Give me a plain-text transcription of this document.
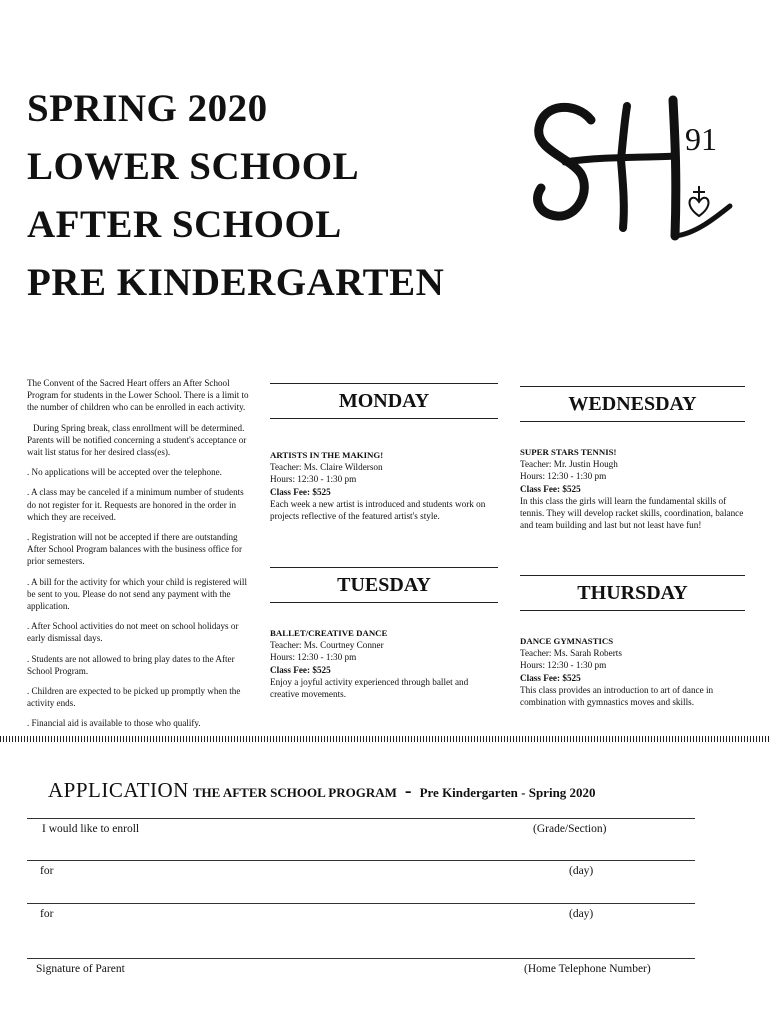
SPRING 2020
LOWER SCHOOL
AFTER SCHOOL
PRE KINDERGARTEN
91

The Convent of the Sacred Heart offers an After School Program for students in the Lower School. There is a limit to the number of children who can be enrolled in each activity.

During Spring break, class enrollment will be determined. Parents will be notified concerning a student's acceptance or wait list status for her desired class(es).

. No applications will be accepted over the telephone.

. A class may be canceled if a minimum number of students do not register for it. Requests are honored in the order in which they are received.

. Registration will not be accepted if there are outstanding After School Program balances with the business office for prior semesters.

. A bill for the activity for which your child is registered will be sent to you. Please do not send any payment with the application.

. After School activities do not meet on school holidays or early dismissal days.

. Students are not allowed to bring play dates to the After School Program.

. Children are expected to be picked up promptly when the activity ends.

. Financial aid is available to those who qualify.

MONDAY
ARTISTS IN THE MAKING!
Teacher: Ms. Claire Wilderson
Hours: 12:30 - 1:30 pm
Class Fee: $525
Each week a new artist is introduced and students work on projects reflective of the featured artist's style.
TUESDAY
BALLET/CREATIVE DANCE
Teacher: Ms. Courtney Conner
Hours: 12:30 - 1:30 pm
Class Fee: $525
Enjoy a joyful activity experienced through ballet and creative movements.
WEDNESDAY
SUPER STARS TENNIS!
Teacher: Mr. Justin Hough
Hours: 12:30 - 1:30 pm
Class Fee: $525
In this class the girls will learn the fundamental skills of tennis. They will develop racket skills, coordination, balance and team building and last but not least have fun!
THURSDAY
DANCE GYMNASTICS
Teacher: Ms. Sarah Roberts
Hours: 12:30 - 1:30 pm
Class Fee: $525
This class provides an introduction to art of dance in combination with gymnastics moves and skills.
APPLICATION THE AFTER SCHOOL PROGRAM - Pre Kindergarten - Spring 2020
I would like to enroll	(Grade/Section)
for	(day)
for	(day)
Signature of Parent	(Home Telephone Number)
